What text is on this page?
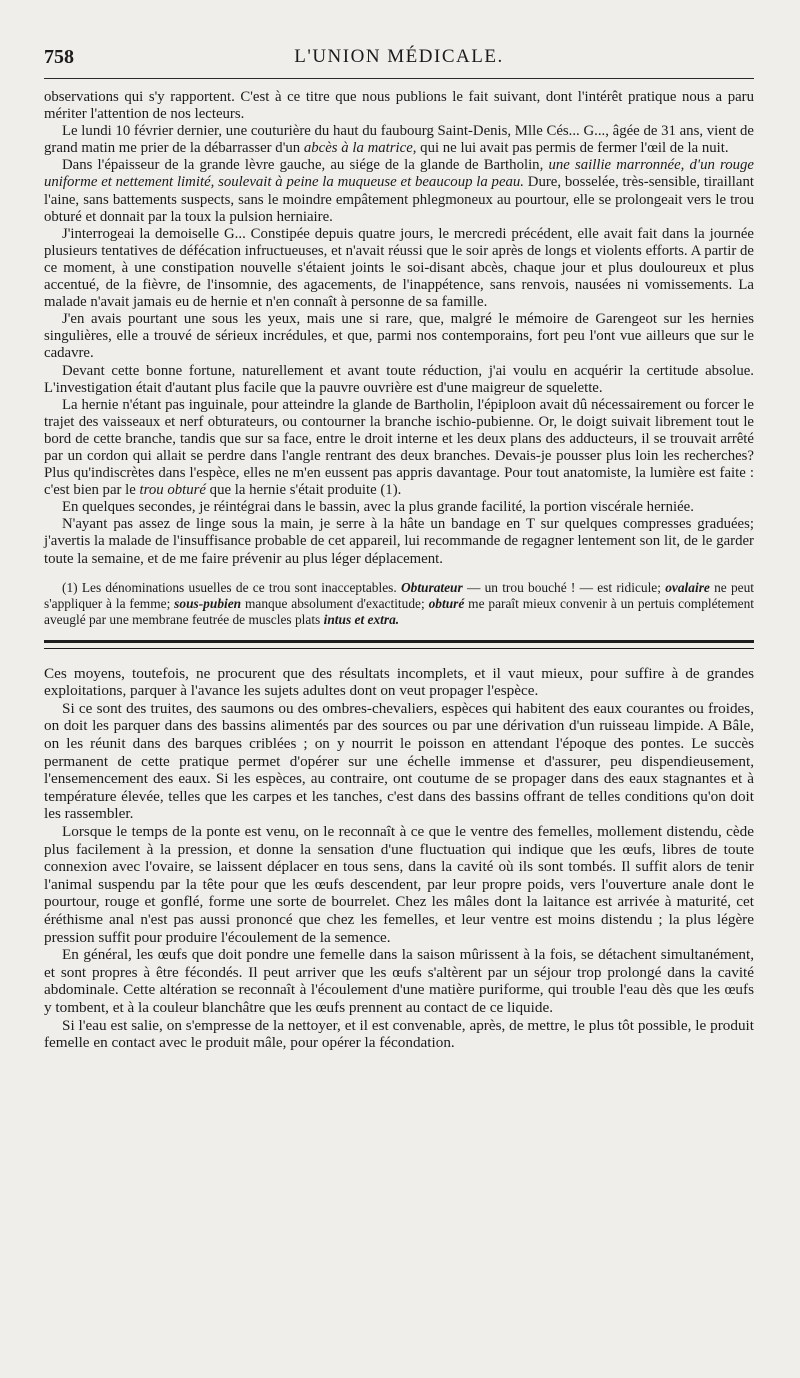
758	L'UNION MÉDICALE.

observations qui s'y rapportent. C'est à ce titre que nous publions le fait suivant, dont l'intérêt pratique nous a paru mériter l'attention de nos lecteurs.

Le lundi 10 février dernier, une couturière du haut du faubourg Saint-Denis, Mlle Cés... G..., âgée de 31 ans, vient de grand matin me prier de la débarrasser d'un abcès à la matrice, qui ne lui avait pas permis de fermer l'œil de la nuit.

Dans l'épaisseur de la grande lèvre gauche, au siége de la glande de Bartholin, une saillie marronnée, d'un rouge uniforme et nettement limité, soulevait à peine la muqueuse et beaucoup la peau. Dure, bosselée, très-sensible, tiraillant l'aine, sans battements suspects, sans le moindre empâtement phlegmoneux au pourtour, elle se prolongeait vers le trou obturé et donnait par la toux la pulsion herniaire.

J'interrogeai la demoiselle G... Constipée depuis quatre jours, le mercredi précédent, elle avait fait dans la journée plusieurs tentatives de défécation infructueuses, et n'avait réussi que le soir après de longs et violents efforts. A partir de ce moment, à une constipation nouvelle s'étaient joints le soi-disant abcès, chaque jour et plus douloureux et plus accentué, de la fièvre, de l'insomnie, des agacements, de l'inappétence, sans renvois, nausées ni vomissements. La malade n'avait jamais eu de hernie et n'en connaît à personne de sa famille.

J'en avais pourtant une sous les yeux, mais une si rare, que, malgré le mémoire de Garengeot sur les hernies singulières, elle a trouvé de sérieux incrédules, et que, parmi nos contemporains, fort peu l'ont vue ailleurs que sur le cadavre.

Devant cette bonne fortune, naturellement et avant toute réduction, j'ai voulu en acquérir la certitude absolue. L'investigation était d'autant plus facile que la pauvre ouvrière est d'une maigreur de squelette.

La hernie n'étant pas inguinale, pour atteindre la glande de Bartholin, l'épiploon avait dû nécessairement ou forcer le trajet des vaisseaux et nerf obturateurs, ou contourner la branche ischio-pubienne. Or, le doigt suivait librement tout le bord de cette branche, tandis que sur sa face, entre le droit interne et les deux plans des adducteurs, il se trouvait arrêté par un cordon qui allait se perdre dans l'angle rentrant des deux branches. Devais-je pousser plus loin les recherches? Plus qu'indiscrètes dans l'espèce, elles ne m'en eussent pas appris davantage. Pour tout anatomiste, la lumière est faite : c'est bien par le trou obturé que la hernie s'était produite (1).

En quelques secondes, je réintégrai dans le bassin, avec la plus grande facilité, la portion viscérale herniée.

N'ayant pas assez de linge sous la main, je serre à la hâte un bandage en T sur quelques compresses graduées; j'avertis la malade de l'insuffisance probable de cet appareil, lui recommande de regagner lentement son lit, de le garder toute la semaine, et de me faire prévenir au plus léger déplacement.

(1) Les dénominations usuelles de ce trou sont inacceptables. Obturateur — un trou bouché ! — est ridicule; ovalaire ne peut s'appliquer à la femme; sous-pubien manque absolument d'exactitude; obturé me paraît mieux convenir à un pertuis complétement aveuglé par une membrane feutrée de muscles plats intus et extra.

Ces moyens, toutefois, ne procurent que des résultats incomplets, et il vaut mieux, pour suffire à de grandes exploitations, parquer à l'avance les sujets adultes dont on veut propager l'espèce.

Si ce sont des truites, des saumons ou des ombres-chevaliers, espèces qui habitent des eaux courantes ou froides, on doit les parquer dans des bassins alimentés par des sources ou par une dérivation d'un ruisseau limpide. A Bâle, on les réunit dans des barques criblées ; on y nourrit le poisson en attendant l'époque des pontes. Le succès permanent de cette pratique permet d'opérer sur une échelle immense et d'assurer, peu dispendieusement, l'ensemencement des eaux. Si les espèces, au contraire, ont coutume de se propager dans des eaux stagnantes et à température élevée, telles que les carpes et les tanches, c'est dans des bassins offrant de telles conditions qu'on doit les rassembler.

Lorsque le temps de la ponte est venu, on le reconnaît à ce que le ventre des femelles, mollement distendu, cède plus facilement à la pression, et donne la sensation d'une fluctuation qui indique que les œufs, libres de toute connexion avec l'ovaire, se laissent déplacer en tous sens, dans la cavité où ils sont tombés. Il suffit alors de tenir l'animal suspendu par la tête pour que les œufs descendent, par leur propre poids, vers l'ouverture anale dont le pourtour, rouge et gonflé, forme une sorte de bourrelet. Chez les mâles dont la laitance est arrivée à maturité, cet éréthisme anal n'est pas aussi prononcé que chez les femelles, et leur ventre est moins distendu ; la plus légère pression suffit pour produire l'écoulement de la semence.

En général, les œufs que doit pondre une femelle dans la saison mûrissent à la fois, se détachent simultanément, et sont propres à être fécondés. Il peut arriver que les œufs s'altèrent par un séjour trop prolongé dans la cavité abdominale. Cette altération se reconnaît à l'écoulement d'une matière puriforme, qui trouble l'eau dès que les œufs y tombent, et à la couleur blanchâtre que les œufs prennent au contact de ce liquide.

Si l'eau est salie, on s'empresse de la nettoyer, et il est convenable, après, de mettre, le plus tôt possible, le produit femelle en contact avec le produit mâle, pour opérer la fécondation.
